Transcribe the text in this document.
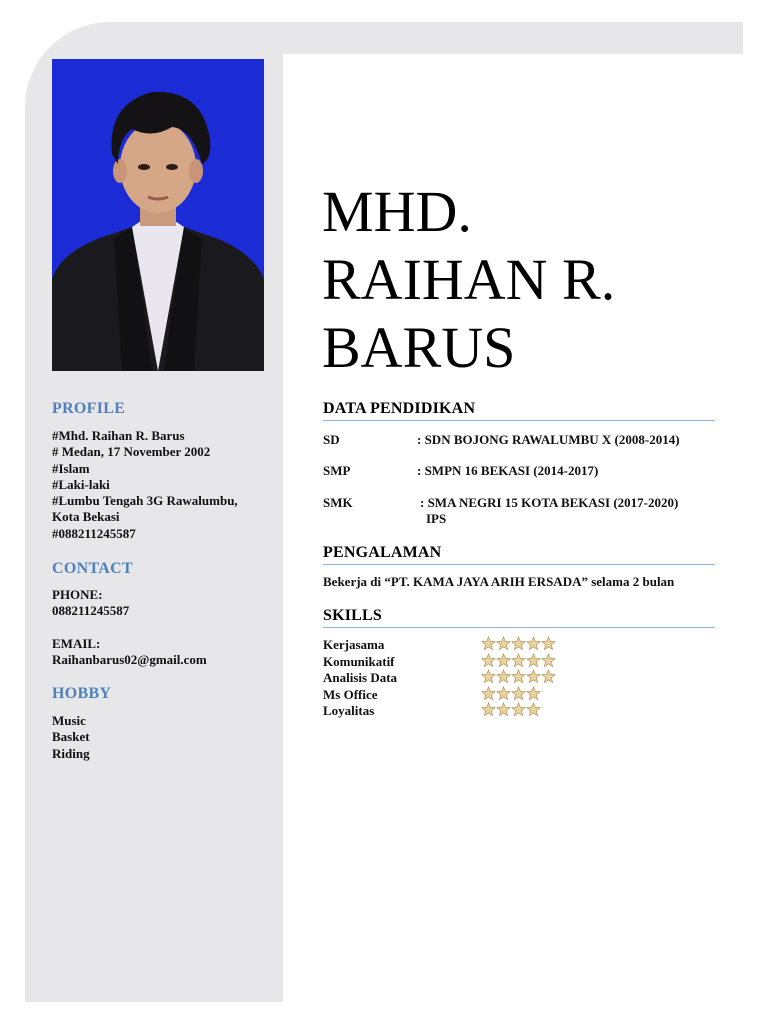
PROFILE
#Mhd. Raihan R. Barus
# Medan, 17 November 2002
#Islam
#Laki-laki
#Lumbu Tengah 3G Rawalumbu,
Kota Bekasi
#088211245587
CONTACT
PHONE:
088211245587
EMAIL:
Raihanbarus02@gmail.com
HOBBY
Music
Basket
Riding
MHD.
RAIHAN R.
BARUS
DATA PENDIDIKAN
SD	: SDN BOJONG RAWALUMBU X (2008-2014)
SMP	: SMPN 16 BEKASI (2014-2017)
SMK	: SMA NEGRI 15 KOTA BEKASI (2017-2020)
IPS
PENGALAMAN
Bekerja di “PT. KAMA JAYA ARIH ERSADA” selama 2 bulan
SKILLS
Kerjasama
Komunikatif
Analisis Data
Ms Office
Loyalitas
